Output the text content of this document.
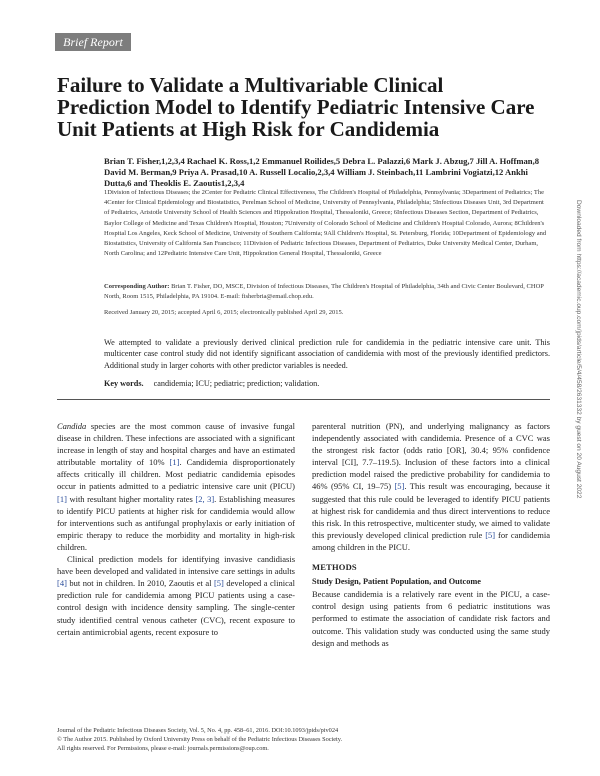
Brief Report
Failure to Validate a Multivariable Clinical Prediction Model to Identify Pediatric Intensive Care Unit Patients at High Risk for Candidemia
Brian T. Fisher,1,2,3,4 Rachael K. Ross,1,2 Emmanuel Roilides,5 Debra L. Palazzi,6 Mark J. Abzug,7 Jill A. Hoffman,8 David M. Berman,9 Priya A. Prasad,10 A. Russell Localio,2,3,4 William J. Steinbach,11 Lambrini Vogiatzi,12 Ankhi Dutta,6 and Theoklis E. Zaoutis1,2,3,4
1Division of Infectious Diseases; the 2Center for Pediatric Clinical Effectiveness, The Children's Hospital of Philadelphia, Pennsylvania; 3Department of Pediatrics; The 4Center for Clinical Epidemiology and Biostatistics, Perelman School of Medicine, University of Pennsylvania, Philadelphia; 5Infectious Diseases Unit, 3rd Department of Pediatrics, Aristotle University School of Health Sciences and Hippokration Hospital, Thessaloniki, Greece; 6Infectious Diseases Section, Department of Pediatrics, Baylor College of Medicine and Texas Children's Hospital, Houston; 7University of Colorado School of Medicine and Children's Hospital Colorado, Aurora; 8Children's Hospital Los Angeles, Keck School of Medicine, University of Southern California; 9All Children's Hospital, St. Petersburg, Florida; 10Department of Epidemiology and Biostatistics, University of California San Francisco; 11Division of Pediatric Infectious Diseases, Department of Pediatrics, Duke University Medical Center, Durham, North Carolina; and 12Pediatric Intensive Care Unit, Hippokration General Hospital, Thessaloniki, Greece
Corresponding Author: Brian T. Fisher, DO, MSCE, Division of Infectious Diseases, The Children's Hospital of Philadelphia, 34th and Civic Center Boulevard, CHOP North, Room 1515, Philadelphia, PA 19104. E-mail: fisherbria@email.chop.edu.
Received January 20, 2015; accepted April 6, 2015; electronically published April 29, 2015.
We attempted to validate a previously derived clinical prediction rule for candidemia in the pediatric intensive care unit. This multicenter case control study did not identify significant association of candidemia with most of the previously identified predictors. Additional study in larger cohorts with other predictor variables is needed.
Key words. candidemia; ICU; pediatric; prediction; validation.

Candida species are the most common cause of invasive fungal disease in children. These infections are associated with a significant increase in length of stay and hospital charges and have an estimated attributable mortality of 10% [1]. Candidemia disproportionately affects critically ill children. Most pediatric candidemia episodes occur in patients admitted to a pediatric intensive care unit (PICU) [1] with resultant higher mortality rates [2, 3]. Establishing measures to identify PICU patients at higher risk for candidemia would allow for interventions such as antifungal prophylaxis or early initiation of empiric therapy to reduce the morbidity and mortality in high-risk children.

Clinical prediction models for identifying invasive candidiasis have been developed and validated in intensive care settings in adults [4] but not in children. In 2010, Zaoutis et al [5] developed a clinical prediction rule for candidemia among PICU patients using a case-control design with incidence density sampling. The single-center study identified central venous catheter (CVC), recent exposure to certain antimicrobial agents, recent exposure to

parenteral nutrition (PN), and underlying malignancy as factors independently associated with candidemia. Presence of a CVC was the strongest risk factor (odds ratio [OR], 30.4; 95% confidence interval [CI], 7.7–119.5). Inclusion of these factors into a clinical prediction model raised the predictive probability for candidemia to 46% (95% CI, 19–75) [5]. This result was encouraging, because it suggested that this rule could be leveraged to identify PICU patients at highest risk for candidemia and thus direct interventions to reduce this risk. In this retrospective, multicenter study, we aimed to validate this previously developed clinical prediction rule [5] for candidemia among children in the PICU.

METHODS

Study Design, Patient Population, and Outcome

Because candidemia is a relatively rare event in the PICU, a case-control design using patients from 6 pediatric institutions was performed to estimate the association of candidate risk factors and outcome. This validation study was conducted using the same study design and methods as

Journal of the Pediatric Infectious Diseases Society, Vol. 5, No. 4, pp. 458–61, 2016. DOI:10.1093/jpids/piv024
© The Author 2015. Published by Oxford University Press on behalf of the Pediatric Infectious Diseases Society.
All rights reserved. For Permissions, please e-mail: journals.permissions@oup.com.
Downloaded from https://academic.oup.com/jpids/article/5/4/458/2631332 by guest on 20 August 2022
